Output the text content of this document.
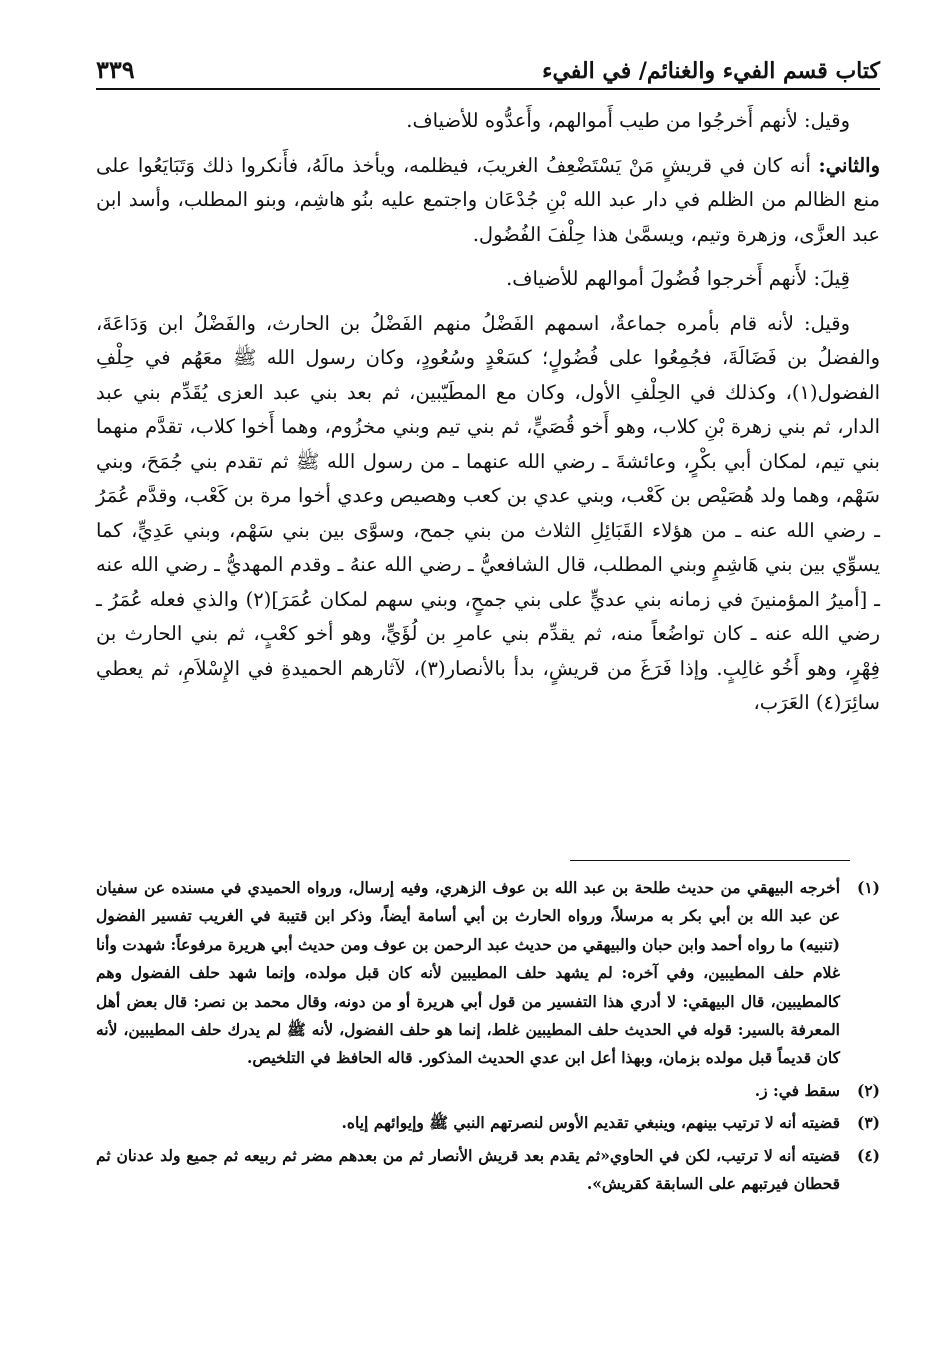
كتاب قسم الفيء والغنائم/ في الفيء
٣٣٩

وقيل: لأنهم أَخرجُوا من طيب أَموالهم، وأَعدُّوه للأضياف.

والثاني: أنه كان في قريشٍ مَنْ يَسْتَضْعِفُ الغريبَ، فيظلمه، ويأخذ مالَهُ، فأَنكروا ذلك وَتَبَايَعُوا على منع الظالم من الظلم في دار عبد الله بْنِ جُدْعَان واجتمع عليه بنُو هاشِم، وبنو المطلب، وأسد ابن عبد العزَّى، وزهرة وتيم، ويسمَّىٰ هذا حِلْفَ الفُضُول.

قِيلَ: لأَنهم أَخرجوا فُضُولَ أموالهم للأضياف.

وقيل: لأنه قام بأمره جماعةٌ، اسمهم الفَضْلُ منهم الفَضْلُ بن الحارث، والفَضْلُ ابن وَدَاعَةَ، والفضلُ بن فَضَالَةَ، فجُمِعُوا على فُضُولٍ؛ كسَعْدٍ وسُعُودٍ، وكان رسول الله ﷺ معَهُم في حِلْفِ الفضول(١)، وكذلك في الحِلْفِ الأول، وكان مع المطَيّبين، ثم بعد بني عبد العزى يُقَدِّم بني عبد الدار، ثم بني زهرة بْنِ كلاب، وهو أَخو قُصَيٍّ، ثم بني تيم وبني مخزُوم، وهما أَخوا كلاب، تقدَّم منهما بني تيم، لمكان أبي بكْرٍ، وعائشةَ ـ رضي الله عنهما ـ من رسول الله ﷺ ثم تقدم بني جُمَحَ، وبني سَهْم، وهما ولد هُصَيْص بن كَعْب، وبني عدي بن كعب وهصيص وعدي أخوا مرة بن كَعْب، وقدَّم عُمَرُ ـ رضي الله عنه ـ من هؤلاء القَبَائِلِ الثلاث من بني جمح، وسوَّى بين بني سَهْم، وبني عَدِيٍّ، كما يسوِّي بين بني هَاشِمٍ وبني المطلب، قال الشافعيُّ ـ رضي الله عنهُ ـ وقدم المهديُّ ـ رضي الله عنه ـ [أميرُ المؤمنينَ في زمانه بني عديٍّ على بني جمحٍ، وبني سهم لمكان عُمَرَ](٢) والذي فعله عُمَرُ ـ رضي الله عنه ـ كان تواضُعاً منه، ثم يقدِّم بني عامرِ بن لُؤَيٍّ، وهو أخو كعْبٍ، ثم بني الحارث بن فِهْرٍ، وهو أَخُو غالِبٍ. وإذا فَرَغَ من قريشٍ، بدأ بالأنصار(٣)، لآثارهم الحميدةِ في الإِسْلاَمِ، ثم يعطي سائِرَ(٤) العَرَب،

(١)
أخرجه البيهقي من حديث طلحة بن عبد الله بن عوف الزهري، وفيه إرسال، ورواه الحميدي في مسنده عن سفيان عن عبد الله بن أبي بكر به مرسلاً، ورواه الحارث بن أبي أسامة أيضاً، وذكر ابن قتيبة في الغريب تفسير الفضول (تنبيه) ما رواه أحمد وابن حبان والبيهقي من حديث عبد الرحمن بن عوف ومن حديث أبي هريرة مرفوعاً: شهدت وأنا غلام حلف المطيبين، وفي آخره: لم يشهد حلف المطيبين لأنه كان قبل مولده، وإنما شهد حلف الفضول وهم كالمطيبين، قال البيهقي: لا أدري هذا التفسير من قول أبي هريرة أو من دونه، وقال محمد بن نصر: قال بعض أهل المعرفة بالسير: قوله في الحديث حلف المطيبين غلط، إنما هو حلف الفضول، لأنه ﷺ لم يدرك حلف المطيبين، لأنه كان قديماً قبل مولده بزمان، وبهذا أعل ابن عدي الحديث المذكور. قاله الحافظ في التلخيص.
(٢)
سقط في: ز.
(٣)
قضيته أنه لا ترتيب بينهم، وينبغي تقديم الأوس لنصرتهم النبي ﷺ وإيوائهم إياه.
(٤)
قضيته أنه لا ترتيب، لكن في الحاوي«ثم يقدم بعد قريش الأنصار ثم من بعدهم مضر ثم ربيعه ثم جميع ولد عدنان ثم قحطان فيرتبهم على السابقة كقريش».
